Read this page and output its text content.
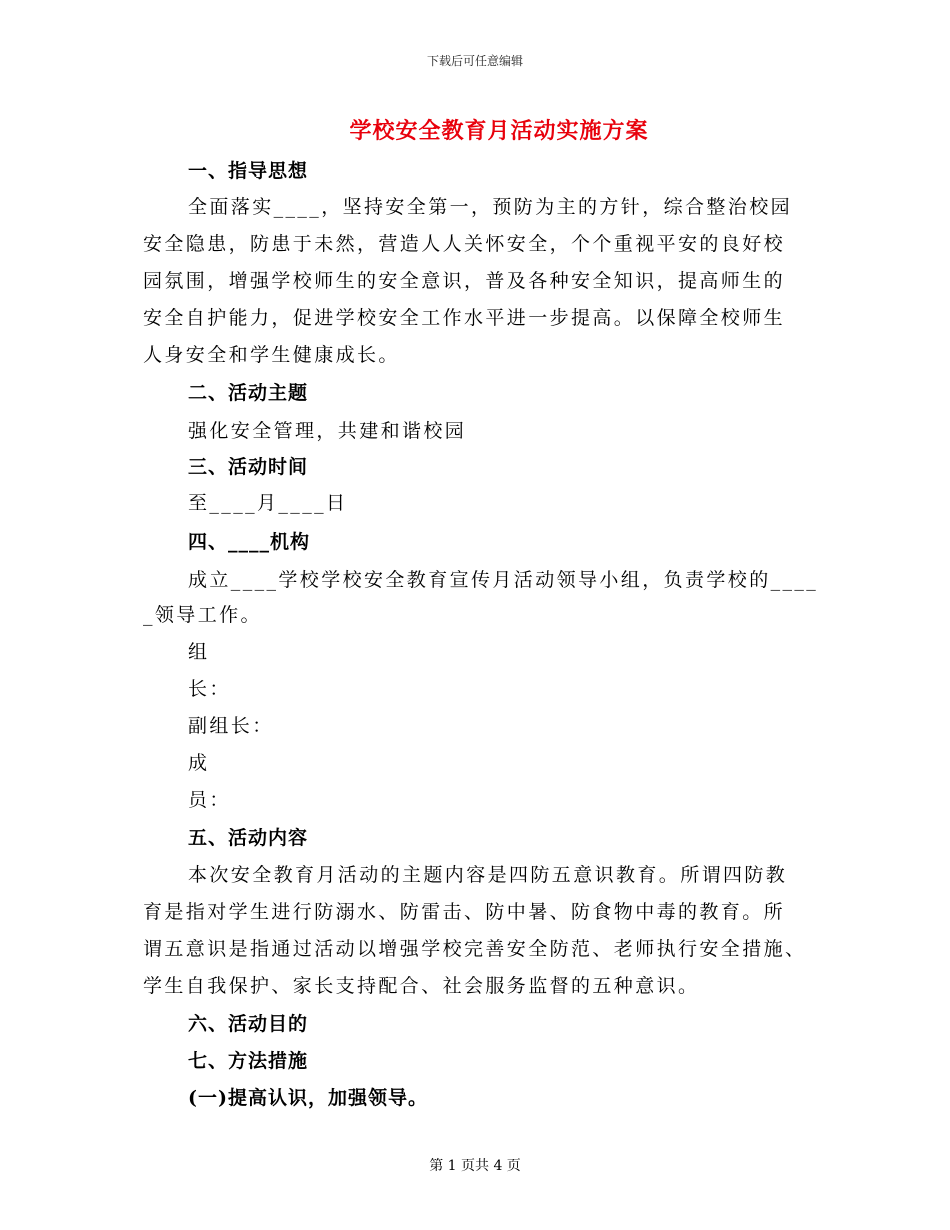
下载后可任意编辑
学校安全教育月活动实施方案
一、指导思想
全面落实____，坚持安全第一，预防为主的方针，综合整治校园
安全隐患，防患于未然，营造人人关怀安全，个个重视平安的良好校
园氛围，增强学校师生的安全意识，普及各种安全知识，提高师生的
安全自护能力，促进学校安全工作水平进一步提高。以保障全校师生
人身安全和学生健康成长。
二、活动主题
强化安全管理，共建和谐校园
三、活动时间
至____月____日
四、____机构
成立____学校学校安全教育宣传月活动领导小组，负责学校的____
_领导工作。
组
长：
副组长：
成
员：
五、活动内容
本次安全教育月活动的主题内容是四防五意识教育。所谓四防教
育是指对学生进行防溺水、防雷击、防中暑、防食物中毒的教育。所
谓五意识是指通过活动以增强学校完善安全防范、老师执行安全措施、
学生自我保护、家长支持配合、社会服务监督的五种意识。
六、活动目的
七、方法措施
(一)提高认识，加强领导。
第 1 页共 4 页
